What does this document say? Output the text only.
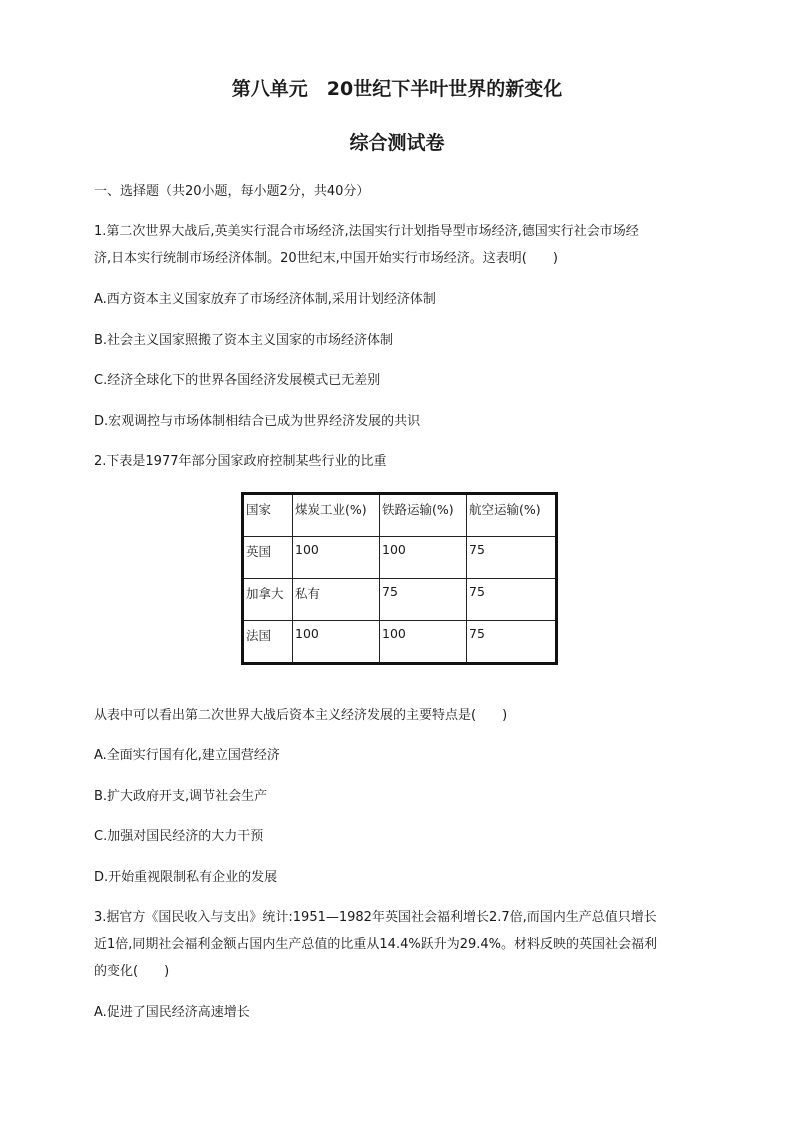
第八单元　20世纪下半叶世界的新变化
综合测试卷
一、选择题（共20小题，每小题2分，共40分）
1.第二次世界大战后,英美实行混合市场经济,法国实行计划指导型市场经济,德国实行社会市场经
济,日本实行统制市场经济体制。20世纪末,中国开始实行市场经济。这表明(　　)
A.西方资本主义国家放弃了市场经济体制,采用计划经济体制
B.社会主义国家照搬了资本主义国家的市场经济体制
C.经济全球化下的世界各国经济发展模式已无差别
D.宏观调控与市场体制相结合已成为世界经济发展的共识
2.下表是1977年部分国家政府控制某些行业的比重
国家	煤炭工业(%)	铁路运输(%)	航空运输(%)
英国	100	100	75
加拿大	私有	75	75
法国	100	100	75
从表中可以看出第二次世界大战后资本主义经济发展的主要特点是(　　)
A.全面实行国有化,建立国营经济
B.扩大政府开支,调节社会生产
C.加强对国民经济的大力干预
D.开始重视限制私有企业的发展
3.据官方《国民收入与支出》统计:1951—1982年英国社会福利增长2.7倍,而国内生产总值只增长
近1倍,同期社会福利金额占国内生产总值的比重从14.4%跃升为29.4%。材料反映的英国社会福利
的变化(　　)
A.促进了国民经济高速增长
